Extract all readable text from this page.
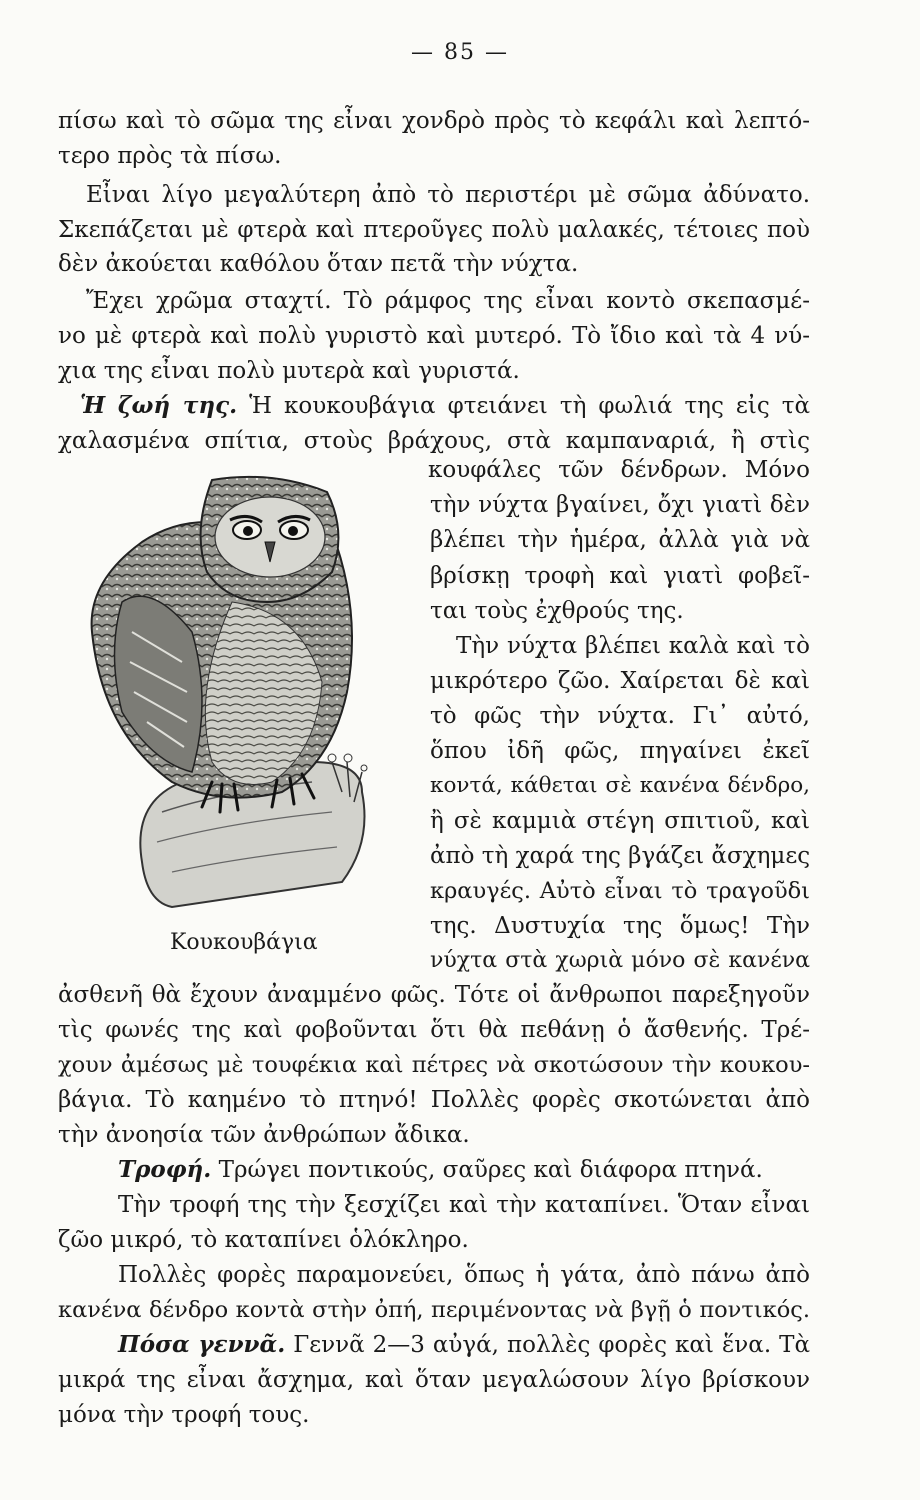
— 85 —
πίσω καὶ τὸ σῶμα της εἶναι χονδρὸ πρὸς τὸ κεφάλι καὶ λεπτό-
τερο πρὸς τὰ πίσω.
Εἶναι λίγο μεγαλύτερη ἀπὸ τὸ περιστέρι μὲ σῶμα ἀδύνατο.
Σκεπάζεται μὲ φτερὰ καὶ πτεροῦγες πολὺ μαλακές, τέτοιες ποὺ
δὲν ἀκούεται καθόλου ὅταν πετᾶ τὴν νύχτα.
Ἔχει χρῶμα σταχτί. Τὸ ράμφος της εἶναι κοντὸ σκεπασμέ-
νο μὲ φτερὰ καὶ πολὺ γυριστὸ καὶ μυτερό. Τὸ ἴδιο καὶ τὰ 4 νύ-
χια της εἶναι πολὺ μυτερὰ καὶ γυριστά.
Ἡ ζωή της. Ἡ κουκουβάγια φτειάνει τὴ φωλιά της εἰς τὰ
χαλασμένα σπίτια, στοὺς βράχους, στὰ καμπαναριά, ἢ στὶς
κουφάλες τῶν δένδρων. Μόνο
τὴν νύχτα βγαίνει, ὄχι γιατὶ δὲν
βλέπει τὴν ἡμέρα, ἀλλὰ γιὰ νὰ
βρίσκῃ τροφὴ καὶ γιατὶ φοβεῖ-
ται τοὺς ἐχθρούς της.
Τὴν νύχτα βλέπει καλὰ καὶ τὸ
μικρότερο ζῶο. Χαίρεται δὲ καὶ
τὸ φῶς τὴν νύχτα. Γι᾿ αὐτό,
ὅπου ἰδῆ φῶς, πηγαίνει ἐκεῖ
κοντά, κάθεται σὲ κανένα δένδρο,
ἢ σὲ καμμιὰ στέγη σπιτιοῦ, καὶ
ἀπὸ τὴ χαρά της βγάζει ἄσχημες
κραυγές. Αὐτὸ εἶναι τὸ τραγοῦδι
της. Δυστυχία της ὅμως! Τὴν
νύχτα στὰ χωριὰ μόνο σὲ κανένα
Κουκουβάγια
ἀσθενῆ θὰ ἔχουν ἀναμμένο φῶς. Τότε οἱ ἄνθρωποι παρεξηγοῦν
τὶς φωνές της καὶ φοβοῦνται ὅτι θὰ πεθάνῃ ὁ ἄσθενής. Τρέ-
χουν ἀμέσως μὲ τουφέκια καὶ πέτρες νὰ σκοτώσουν τὴν κουκου-
βάγια. Τὸ καημένο τὸ πτηνό! Πολλὲς φορὲς σκοτώνεται ἀπὸ
τὴν ἀνοησία τῶν ἀνθρώπων ἄδικα.
Τροφή. Τρώγει ποντικούς, σαῦρες καὶ διάφορα πτηνά.
Τὴν τροφή της τὴν ξεσχίζει καὶ τὴν καταπίνει. Ὅταν εἶναι
ζῶο μικρό, τὸ καταπίνει ὁλόκληρο.
Πολλὲς φορὲς παραμονεύει, ὅπως ἡ γάτα, ἀπὸ πάνω ἀπὸ
κανένα δένδρο κοντὰ στὴν ὀπή, περιμένοντας νὰ βγῇ ὁ ποντικός.
Πόσα γεννᾶ. Γεννᾶ 2—3 αὐγά, πολλὲς φορὲς καὶ ἕνα. Τὰ
μικρά της εἶναι ἄσχημα, καὶ ὅταν μεγαλώσουν λίγο βρίσκουν
μόνα τὴν τροφή τους.
